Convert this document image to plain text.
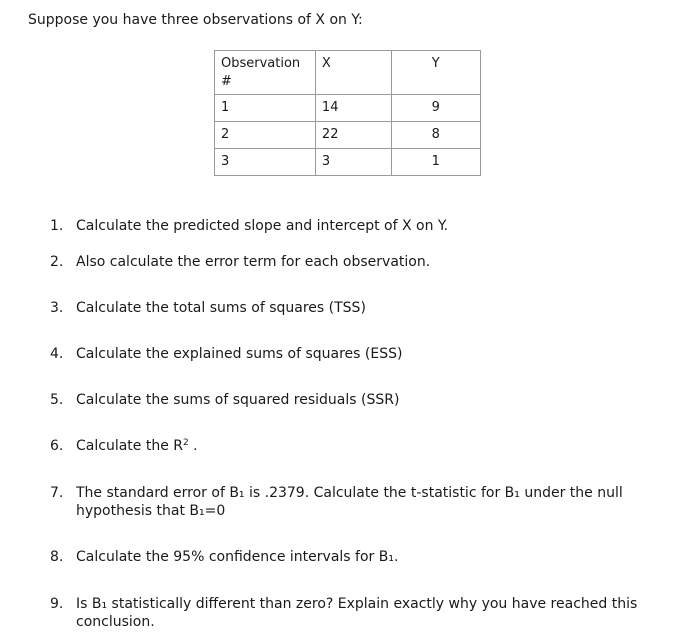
Suppose you have three observations of X on Y:
Observation #	X	Y
1	14	9
2	22	8
3	3	1
1. Calculate the predicted slope and intercept of X on Y.
2. Also calculate the error term for each observation.
3. Calculate the total sums of squares (TSS)
4. Calculate the explained sums of squares (ESS)
5. Calculate the sums of squared residuals (SSR)
6. Calculate the $R^2$ .
7. The standard error of B₁ is .2379. Calculate the t-statistic for B₁ under the null hypothesis that B₁=0
8. Calculate the 95% confidence intervals for B₁.
9. Is B₁ statistically different than zero? Explain exactly why you have reached this conclusion.
